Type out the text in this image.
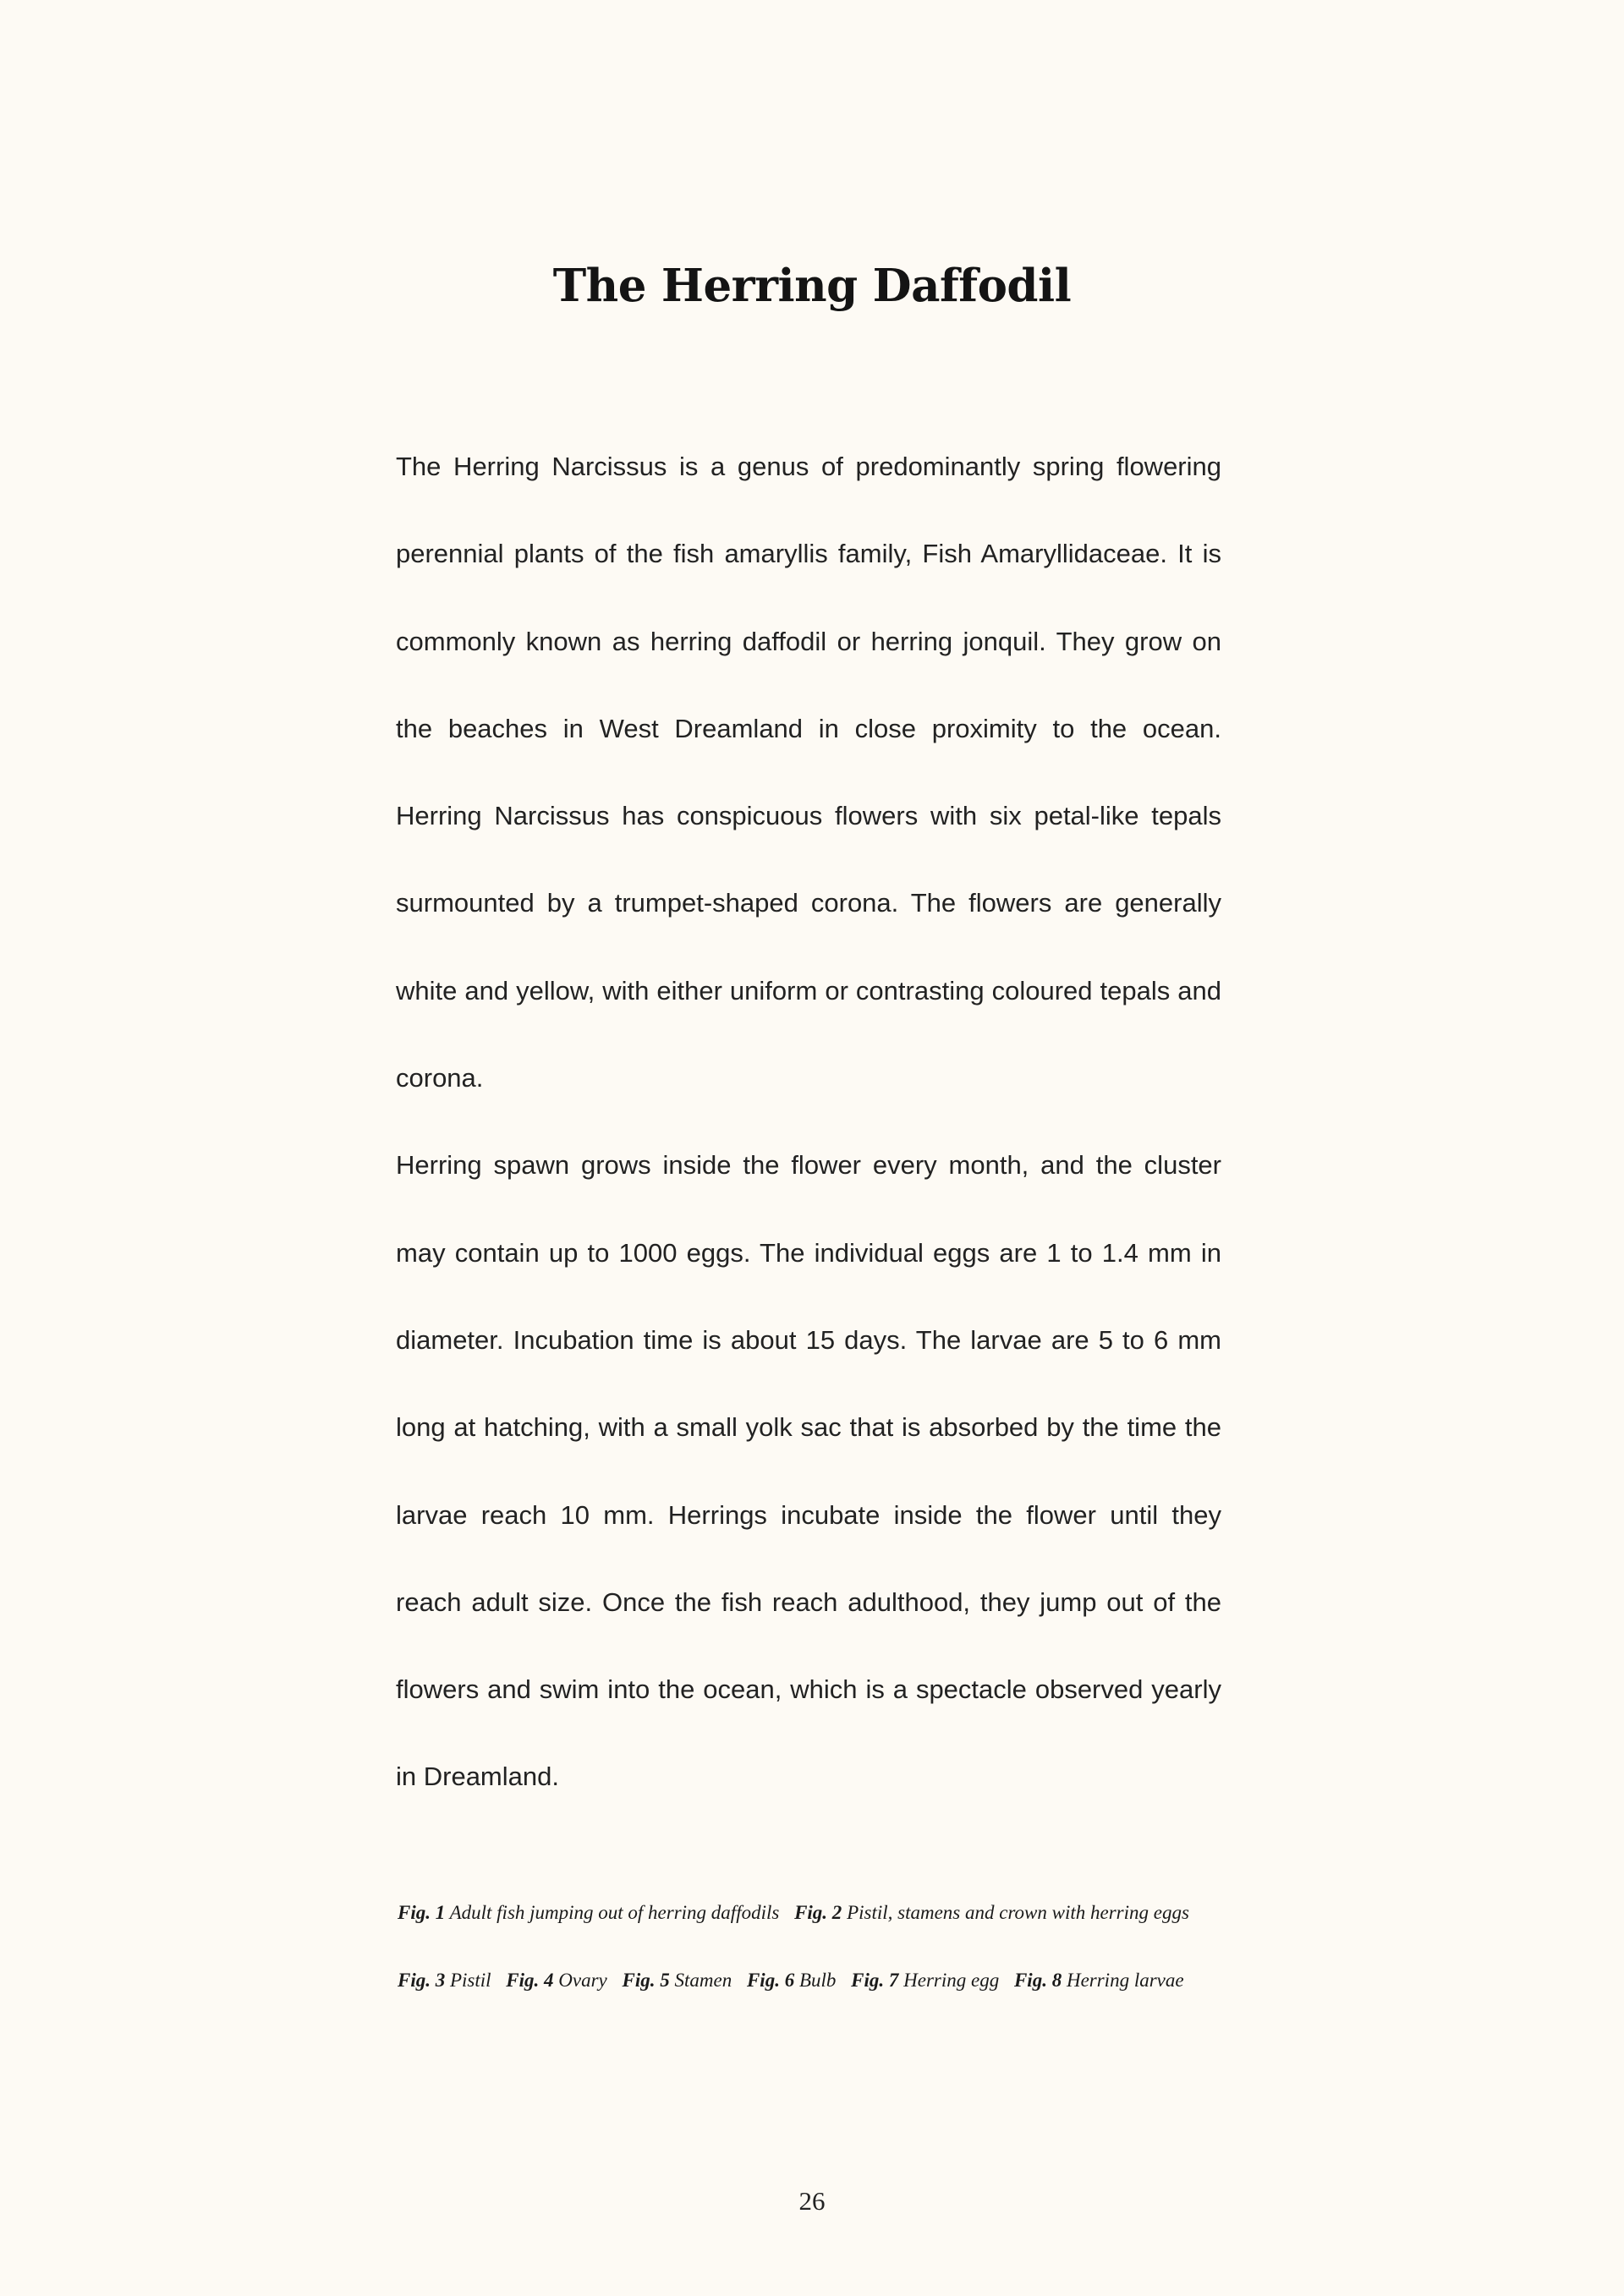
The Herring Daffodil

The Herring Narcissus is a genus of predominantly spring flowering perennial plants of the fish amaryllis family, Fish Amaryllidaceae. It is commonly known as herring daffodil or herring jonquil. They grow on the beaches in West Dreamland in close proximity to the ocean. Herring Narcissus has conspicuous flowers with six petal-like tepals surmounted by a trumpet-shaped corona. The flowers are generally white and yellow, with either uniform or contrasting coloured tepals and corona.

Herring spawn grows inside the flower every month, and the cluster may contain up to 1000 eggs. The individual eggs are 1 to 1.4 mm in diameter. Incubation time is about 15 days. The larvae are 5 to 6 mm long at hatching, with a small yolk sac that is absorbed by the time the larvae reach 10 mm. Herrings incubate inside the flower until they reach adult size. Once the fish reach adulthood, they jump out of the flowers and swim into the ocean, which is a spectacle observed yearly in Dreamland.

Fig. 1 Adult fish jumping out of herring daffodils Fig. 2 Pistil, stamens and crown with herring eggs
Fig. 3 Pistil Fig. 4 Ovary Fig. 5 Stamen Fig. 6 Bulb Fig. 7 Herring egg Fig. 8 Herring larvae
26
